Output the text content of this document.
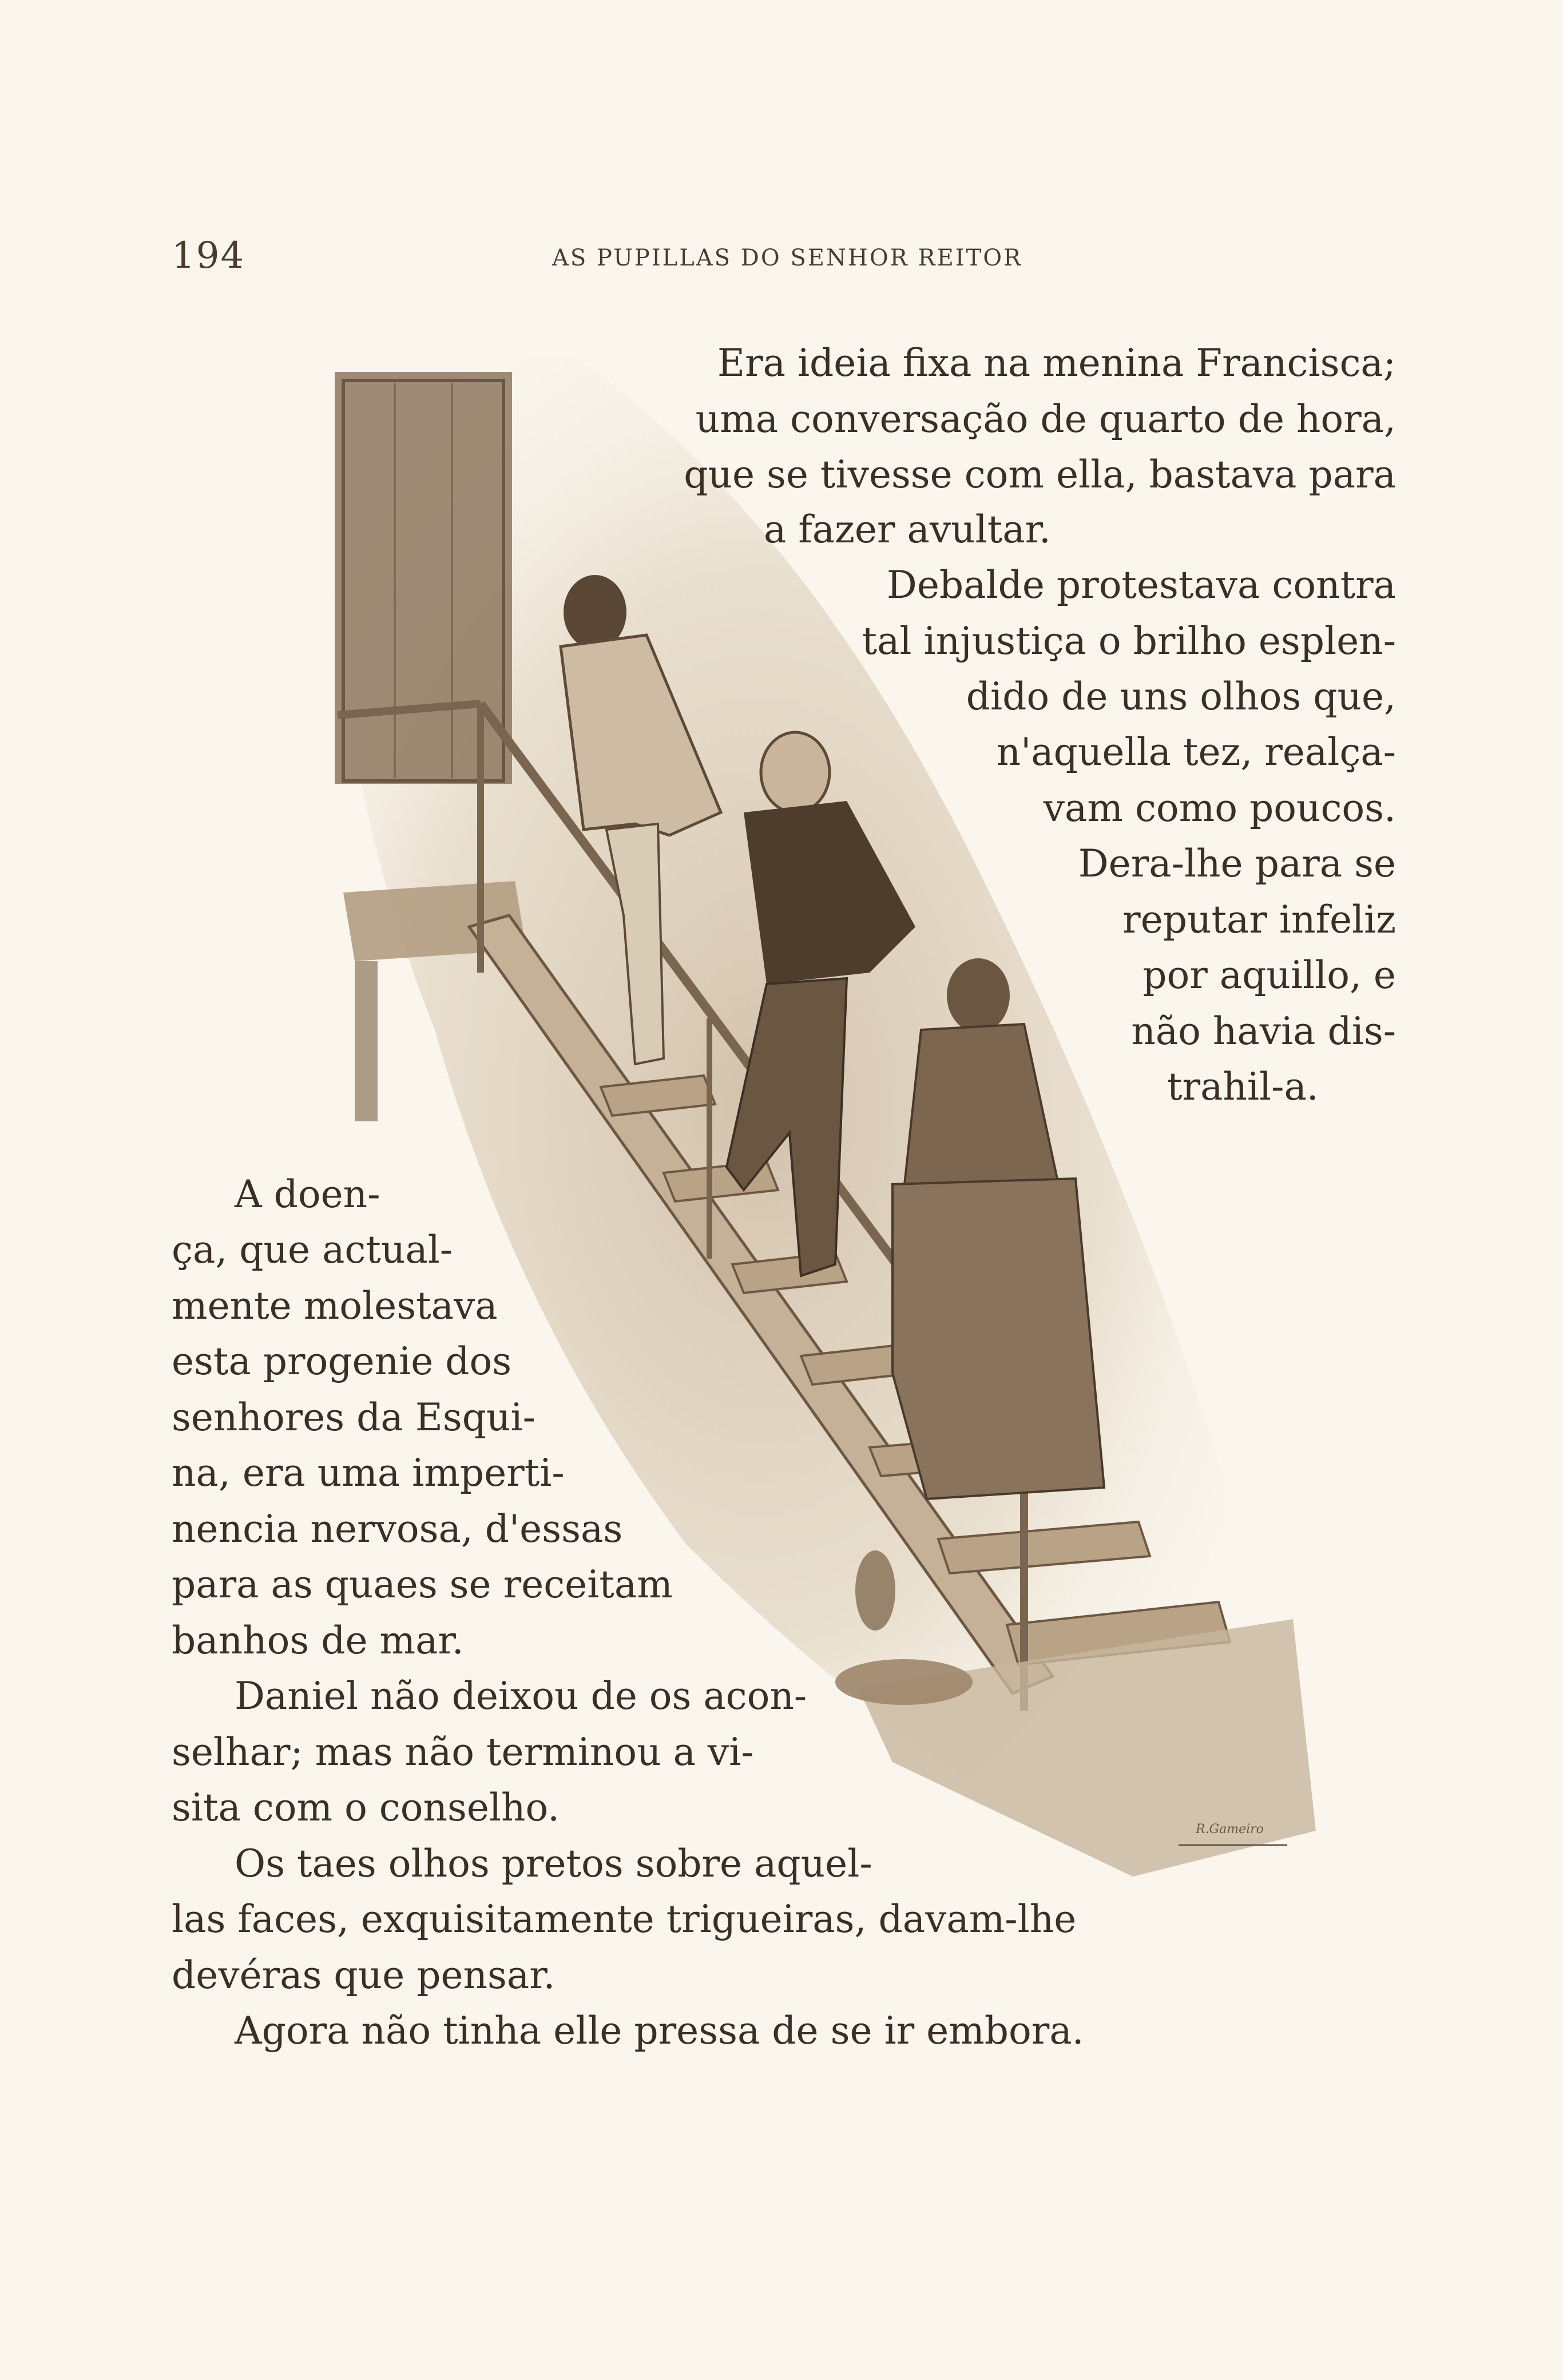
194	AS PUPILLAS DO SENHOR REITOR
R.Gameiro
Era ideia fixa na menina Francisca;
uma conversação de quarto de hora,
que se tivesse com ella, bastava para
a fazer avultar.
Debalde protestava contra
tal injustiça o brilho esplen-
dido de uns olhos que,
n'aquella tez, realça-
vam como poucos.
Dera-lhe para se
reputar infeliz
por aquillo, e
não havia dis-
trahil-a.
A doen-
ça, que actual-
mente molestava
esta progenie dos
senhores da Esqui-
na, era uma imperti-
nencia nervosa, d'essas
para as quaes se receitam
banhos de mar.
Daniel não deixou de os acon-
selhar; mas não terminou a vi-
sita com o conselho.
Os taes olhos pretos sobre aquel-
las faces, exquisitamente trigueiras, davam-lhe
devéras que pensar.
Agora não tinha elle pressa de se ir embora.
